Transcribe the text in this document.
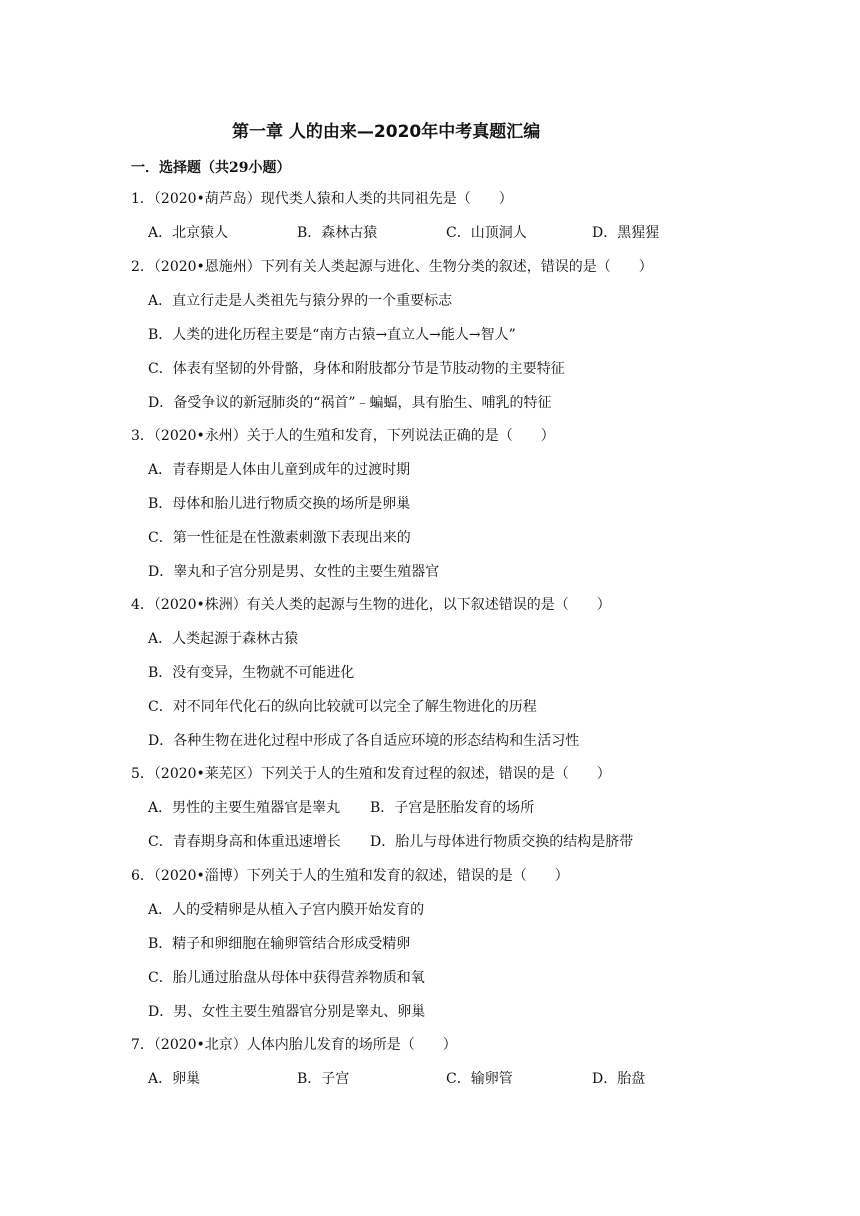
第一章 人的由来—2020年中考真题汇编
一．选择题（共29小题）
1．（2020•葫芦岛）现代类人猿和人类的共同祖先是（　　）
A．北京猿人	B．森林古猿	C．山顶洞人	D．黑猩猩
2．（2020•恩施州）下列有关人类起源与进化、生物分类的叙述，错误的是（　　）
A．直立行走是人类祖先与猿分界的一个重要标志
B．人类的进化历程主要是“南方古猿→直立人→能人→智人”
C．体表有坚韧的外骨骼，身体和附肢都分节是节肢动物的主要特征
D．备受争议的新冠肺炎的“祸首”﹣蝙蝠，具有胎生、哺乳的特征
3．（2020•永州）关于人的生殖和发育，下列说法正确的是（　　）
A．青春期是人体由儿童到成年的过渡时期
B．母体和胎儿进行物质交换的场所是卵巢
C．第一性征是在性激素刺激下表现出来的
D．睾丸和子宫分别是男、女性的主要生殖器官
4．（2020•株洲）有关人类的起源与生物的进化，以下叙述错误的是（　　）
A．人类起源于森林古猿
B．没有变异，生物就不可能进化
C．对不同年代化石的纵向比较就可以完全了解生物进化的历程
D．各种生物在进化过程中形成了各自适应环境的形态结构和生活习性
5．（2020•莱芜区）下列关于人的生殖和发育过程的叙述，错误的是（　　）
A．男性的主要生殖器官是睾丸 B．子宫是胚胎发育的场所
C．青春期身高和体重迅速增长 D．胎儿与母体进行物质交换的结构是脐带
6．（2020•淄博）下列关于人的生殖和发育的叙述，错误的是（　　）
A．人的受精卵是从植入子宫内膜开始发育的
B．精子和卵细胞在输卵管结合形成受精卵
C．胎儿通过胎盘从母体中获得营养物质和氧
D．男、女性主要生殖器官分别是睾丸、卵巢
7．（2020•北京）人体内胎儿发育的场所是（　　）
A．卵巢	B．子宫	C．输卵管	D．胎盘
